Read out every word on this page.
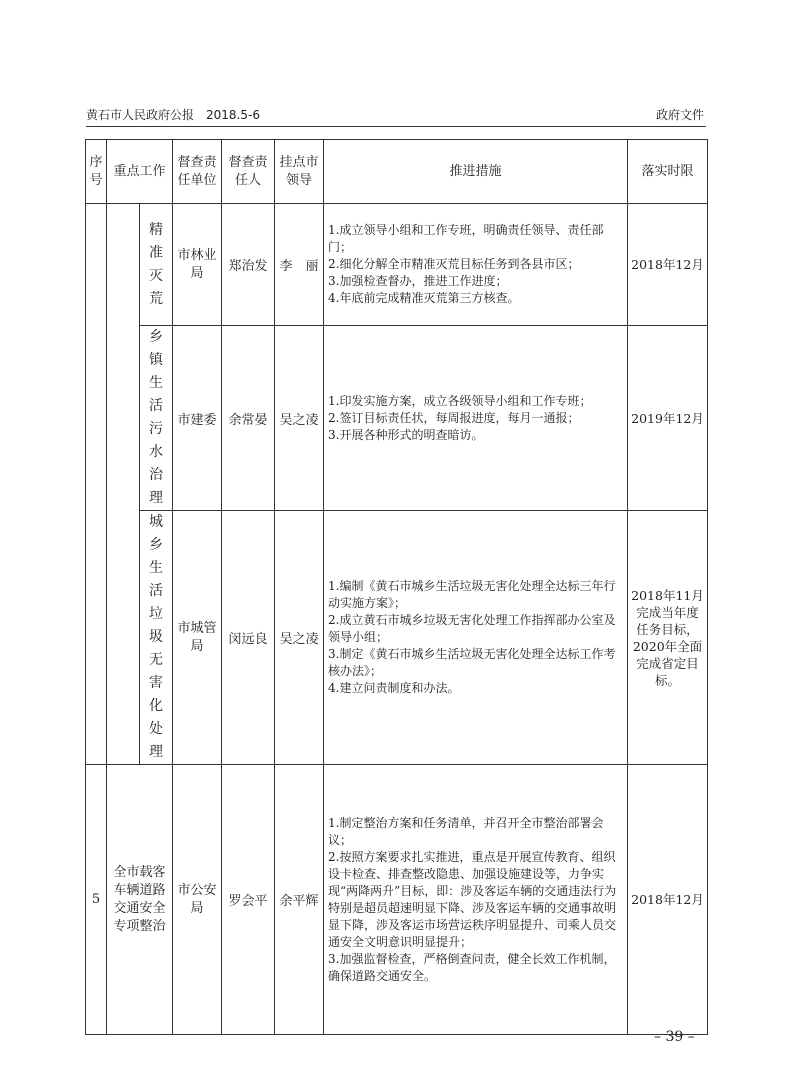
黄石市人民政府公报　2018.5-6	政府文件
序号	重点工作		督查责任单位	督查责任人	挂点市领导	推进措施	落实时限
		精准灭荒	市林业局	郑治发	李　丽	1.成立领导小组和工作专班，明确责任领导、责任部门；
2.细化分解全市精准灭荒目标任务到各县市区；
3.加强检查督办，推进工作进度；
4.年底前完成精准灭荒第三方核查。	2018年12月
		乡镇生活污水治理	市建委	余常晏	吴之凌	1.印发实施方案，成立各级领导小组和工作专班；
2.签订目标责任状，每周报进度，每月一通报；
3.开展各种形式的明查暗访。	2019年12月
		城乡生活垃圾无害化处理	市城管局	闵远良	吴之凌	1.编制《黄石市城乡生活垃圾无害化处理全达标三年行动实施方案》；
2.成立黄石市城乡垃圾无害化处理工作指挥部办公室及领导小组；
3.制定《黄石市城乡生活垃圾无害化处理全达标工作考核办法》；
4.建立问责制度和办法。	2018年11月完成当年度任务目标，2020年全面完成省定目标。
5	全市载客车辆道路交通安全专项整治		市公安局	罗会平	余平辉	1.制定整治方案和任务清单，并召开全市整治部署会议；
2.按照方案要求扎实推进，重点是开展宣传教育、组织设卡检查、排查整改隐患、加强设施建设等，力争实现“两降两升”目标，即：涉及客运车辆的交通违法行为特别是超员超速明显下降、涉及客运车辆的交通事故明显下降，涉及客运市场营运秩序明显提升、司乘人员交通安全文明意识明显提升；
3.加强监督检查，严格倒查问责，健全长效工作机制，确保道路交通安全。	2018年12月
– 39 –
